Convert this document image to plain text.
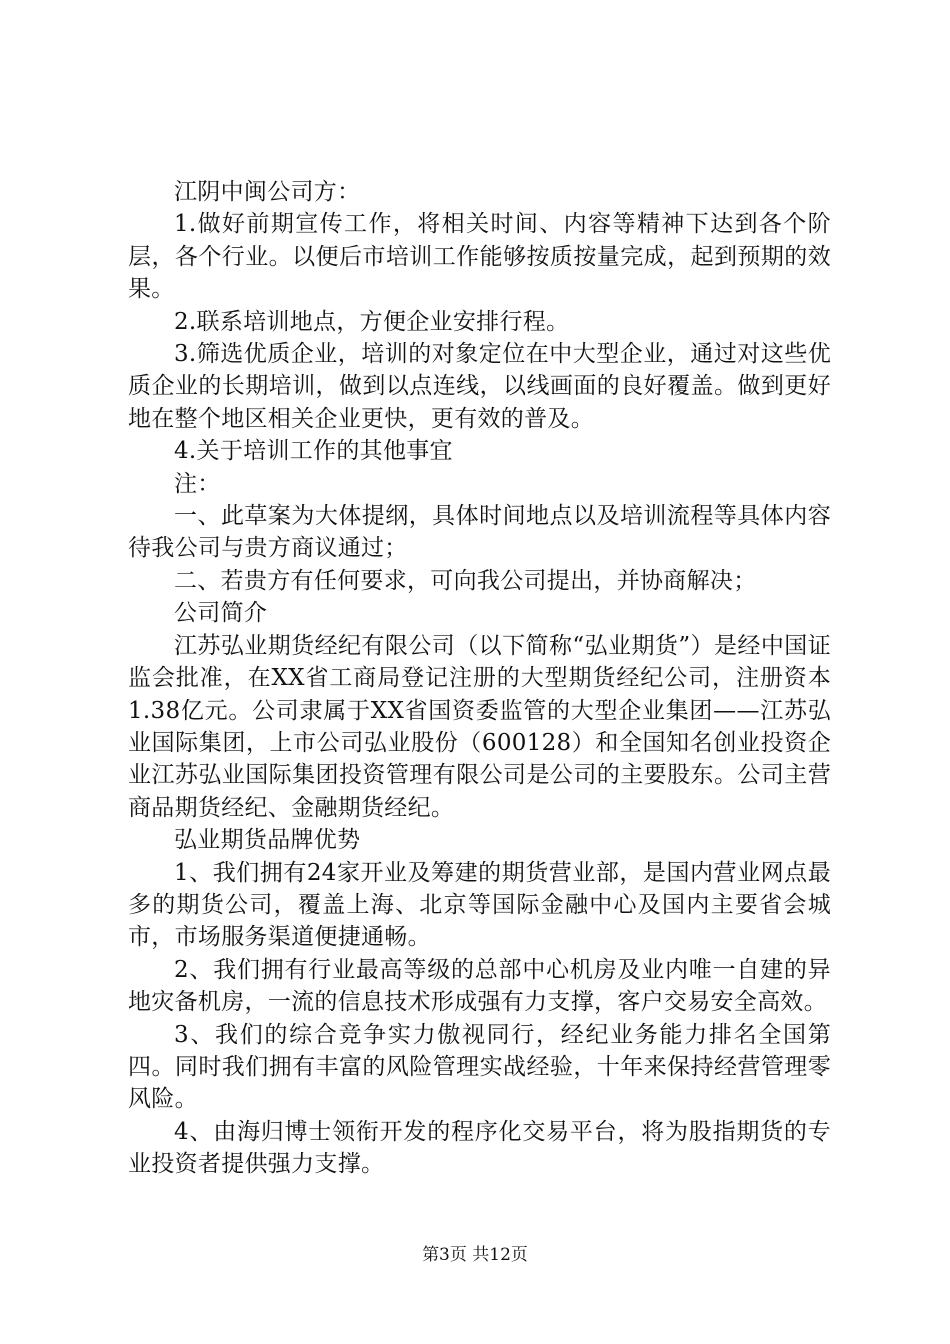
江阴中闽公司方：

1.做好前期宣传工作，将相关时间、内容等精神下达到各个阶层，各个行业。以便后市培训工作能够按质按量完成，起到预期的效果。

2.联系培训地点，方便企业安排行程。

3.筛选优质企业，培训的对象定位在中大型企业，通过对这些优质企业的长期培训，做到以点连线，以线画面的良好覆盖。做到更好地在整个地区相关企业更快，更有效的普及。

4.关于培训工作的其他事宜

注：

一、此草案为大体提纲，具体时间地点以及培训流程等具体内容待我公司与贵方商议通过；

二、若贵方有任何要求，可向我公司提出，并协商解决；

公司简介

江苏弘业期货经纪有限公司（以下简称“弘业期货”）是经中国证监会批准，在XX省工商局登记注册的大型期货经纪公司，注册资本1.38亿元。公司隶属于XX省国资委监管的大型企业集团——江苏弘业国际集团，上市公司弘业股份（600128）和全国知名创业投资企业江苏弘业国际集团投资管理有限公司是公司的主要股东。公司主营商品期货经纪、金融期货经纪。

弘业期货品牌优势

1、我们拥有24家开业及筹建的期货营业部，是国内营业网点最多的期货公司，覆盖上海、北京等国际金融中心及国内主要省会城市，市场服务渠道便捷通畅。

2、我们拥有行业最高等级的总部中心机房及业内唯一自建的异地灾备机房，一流的信息技术形成强有力支撑，客户交易安全高效。

3、我们的综合竞争实力傲视同行，经纪业务能力排名全国第四。同时我们拥有丰富的风险管理实战经验，十年来保持经营管理零风险。

4、由海归博士领衔开发的程序化交易平台，将为股指期货的专业投资者提供强力支撑。

第3页 共12页
